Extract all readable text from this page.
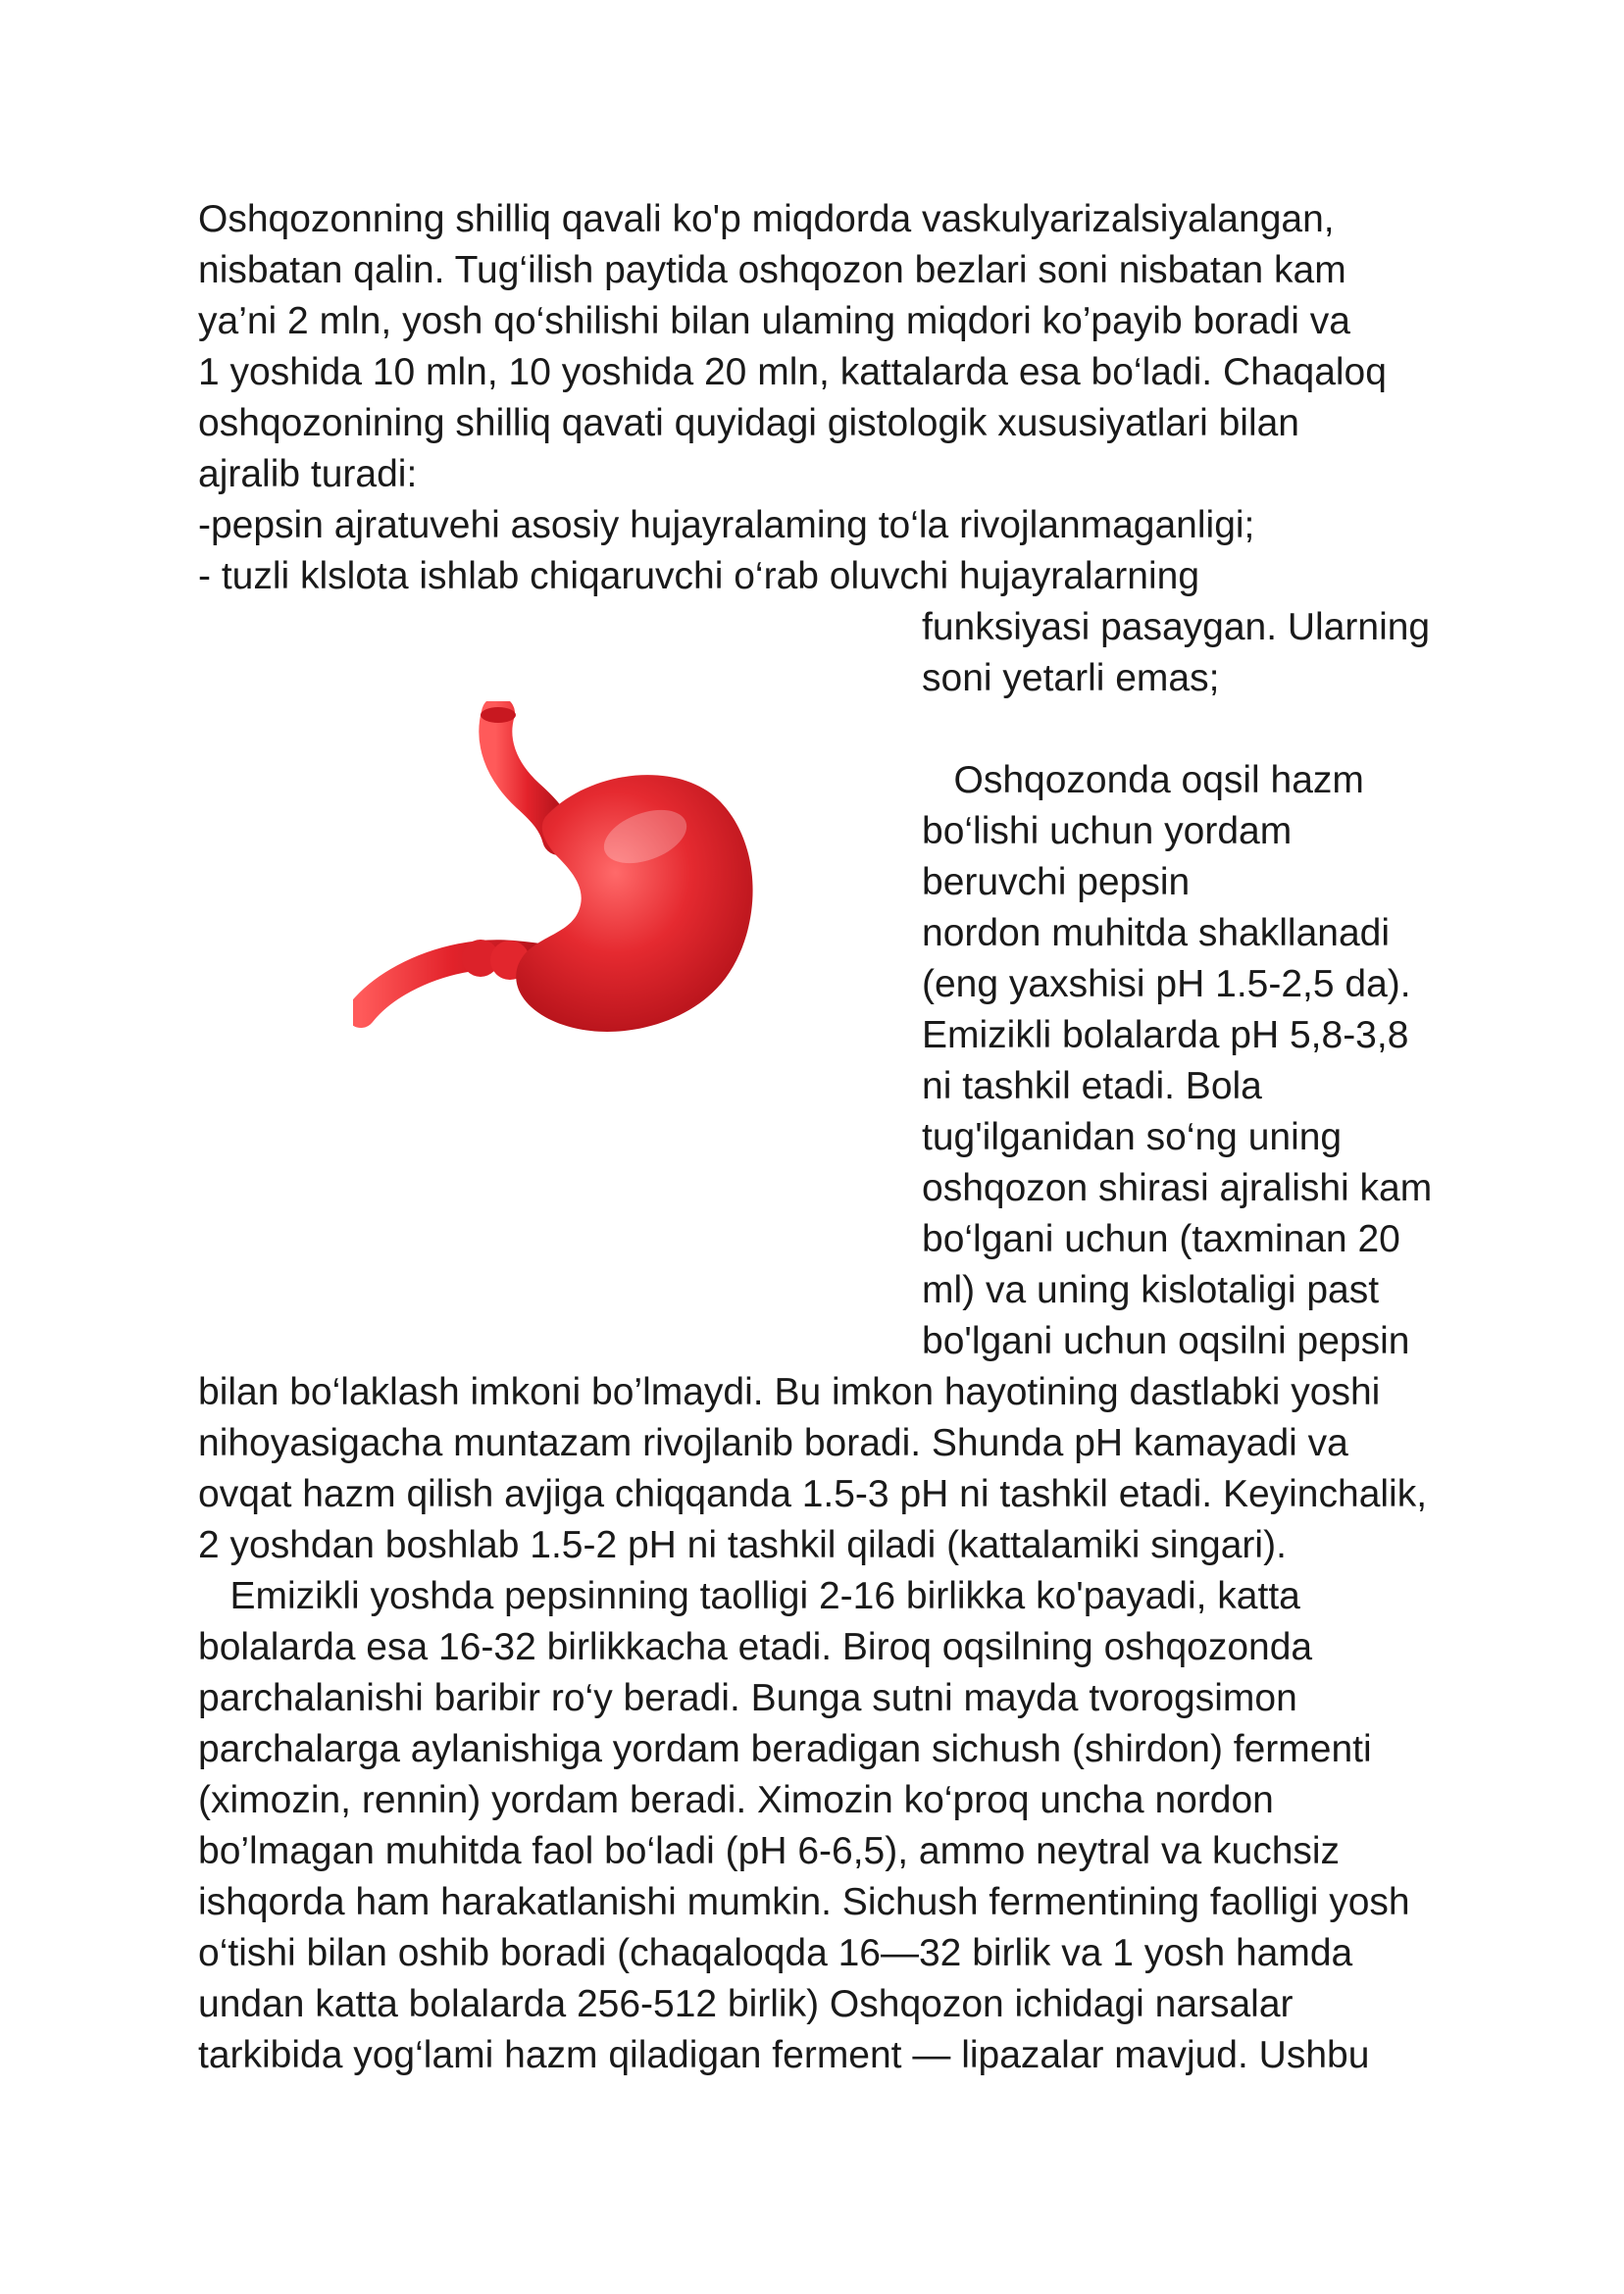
Oshqozonning shilliq qavali ko'p miqdorda vaskulyarizalsiyalangan,
nisbatan qalin. Tug‘ilish paytida oshqozon bezlari soni nisbatan kam
ya’ni 2 mln, yosh qo‘shilishi bilan ulaming miqdori ko’payib boradi va
1 yoshida 10 mln, 10 yoshida 20 mln, kattalarda esa bo‘ladi. Chaqaloq
oshqozonining shilliq qavati quyidagi gistologik xususiyatlari bilan
ajralib turadi:
-pepsin ajratuvehi asosiy hujayralaming to‘la rivojlanmaganligi;
- tuzli klslota ishlab chiqaruvchi o‘rab oluvchi hujayralarning
funksiyasi pasaygan. Ularning
soni yetarli emas;
Oshqozonda oqsil hazm
bo‘lishi uchun yordam
beruvchi pepsin
nordon muhitda shakllanadi
(eng yaxshisi pH 1.5-2,5 da).
Emizikli bolalarda pH 5,8-3,8
ni tashkil etadi. Bola
tug'ilganidan so‘ng uning
oshqozon shirasi ajralishi kam
bo‘lgani uchun (taxminan 20
ml) va uning kislotaligi past
bo'lgani uchun oqsilni pepsin
bilan bo‘laklash imkoni bo’lmaydi. Bu imkon hayotining dastlabki yoshi
nihoyasigacha muntazam rivojlanib boradi. Shunda pH kamayadi va
ovqat hazm qilish avjiga chiqqanda 1.5-3 pH ni tashkil etadi. Keyinchalik,
2 yoshdan boshlab 1.5-2 pH ni tashkil qiladi (kattalamiki singari).
Emizikli yoshda pepsinning taolligi 2-16 birlikka ko'payadi, katta
bolalarda esa 16-32 birlikkacha etadi. Biroq oqsilning oshqozonda
parchalanishi baribir ro‘y beradi. Bunga sutni mayda tvorogsimon
parchalarga aylanishiga yordam beradigan sichush (shirdon) fermenti
(ximozin, rennin) yordam beradi. Ximozin ko‘proq uncha nordon
bo’lmagan muhitda faol bo‘ladi (pH 6-6,5), ammo neytral va kuchsiz
ishqorda ham harakatlanishi mumkin. Sichush fermentining faolligi yosh
o‘tishi bilan oshib boradi (chaqaloqda 16—32 birlik va 1 yosh hamda
undan katta bolalarda 256-512 birlik) Oshqozon ichidagi narsalar
tarkibida yog‘lami hazm qiladigan ferment — lipazalar mavjud. Ushbu
